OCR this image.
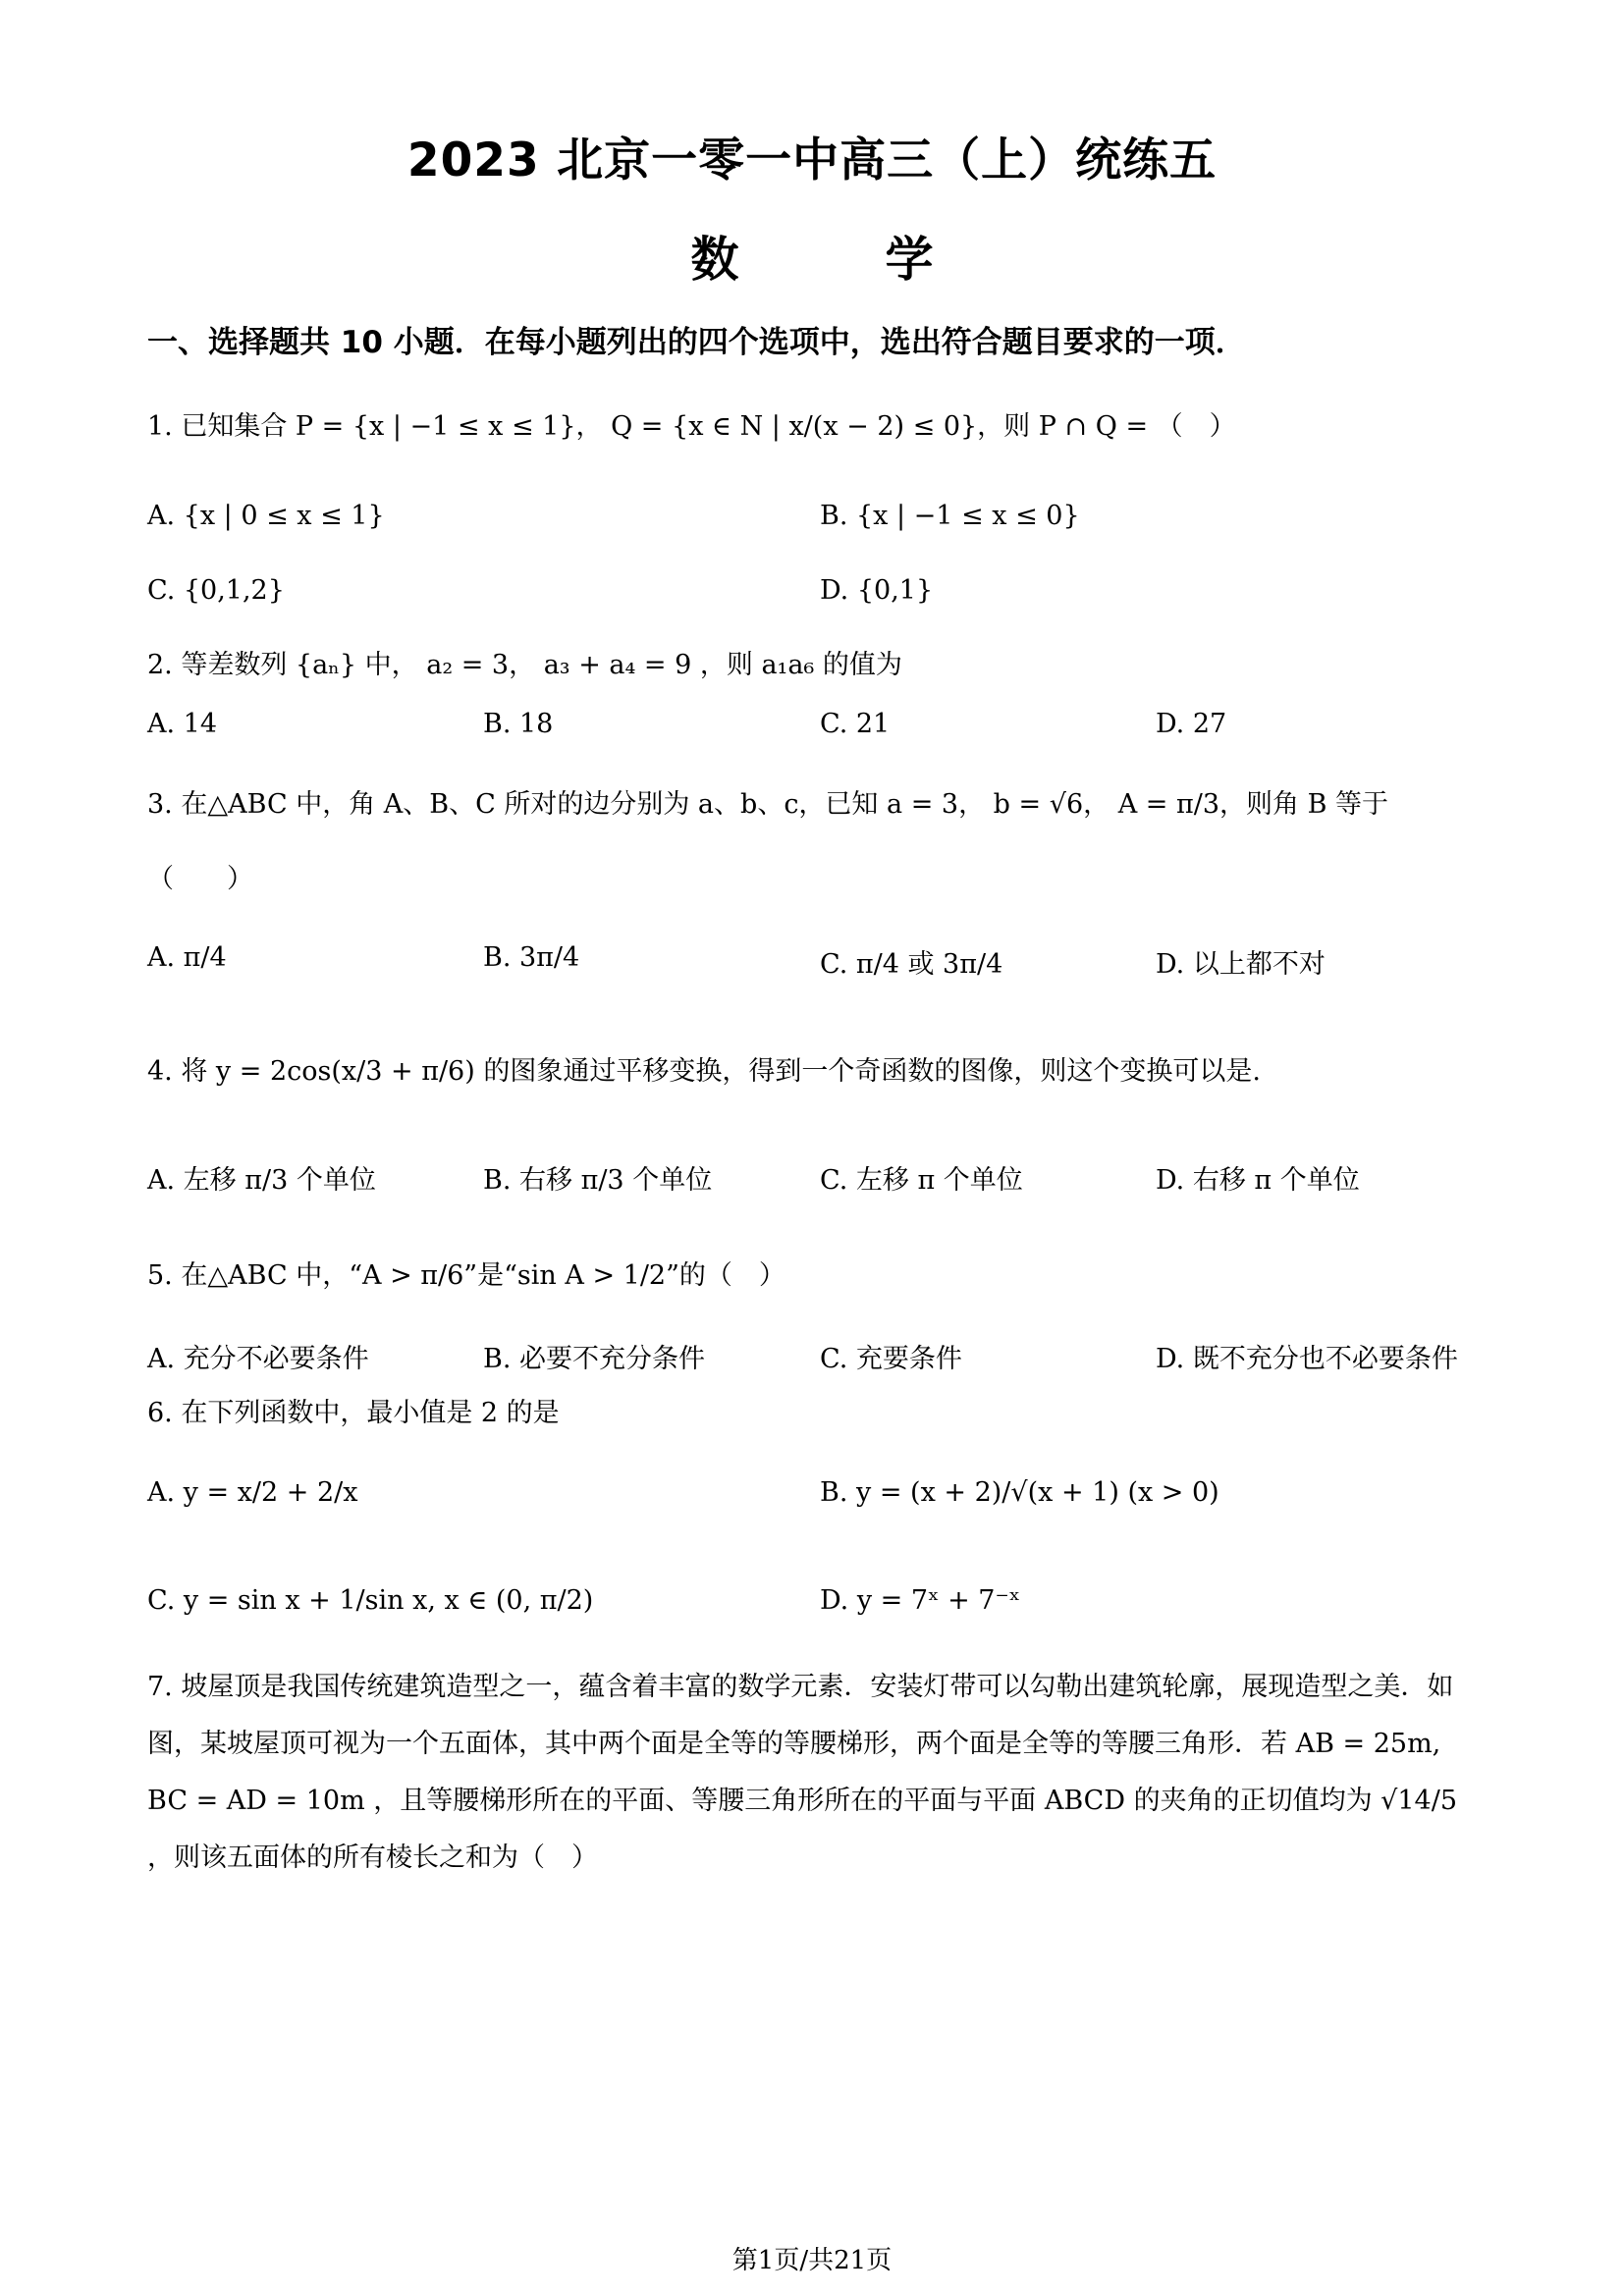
2023 北京一零一中高三（上）统练五
数　学
一、选择题共 10 小题．在每小题列出的四个选项中，选出符合题目要求的一项．
1. 已知集合 P = {x | −1 ≤ x ≤ 1}， Q = {x ∈ N | x/(x − 2) ≤ 0}，则 P ∩ Q = （　）
A. {x | 0 ≤ x ≤ 1}	B. {x | −1 ≤ x ≤ 0}
C. {0,1,2}	D. {0,1}
2. 等差数列 {aₙ} 中， a₂ = 3， a₃ + a₄ = 9 ，则 a₁a₆ 的值为
A. 14	B. 18	C. 21	D. 27
3. 在△ABC 中，角 A、B、C 所对的边分别为 a、b、c，已知 a = 3， b = √6， A = π/3，则角 B 等于
（　　）
A. π/4	B. 3π/4	C. π/4 或 3π/4	D. 以上都不对
4. 将 y = 2cos(x/3 + π/6) 的图象通过平移变换，得到一个奇函数的图像，则这个变换可以是.
A. 左移 π/3 个单位	B. 右移 π/3 个单位	C. 左移 π 个单位	D. 右移 π 个单位
5. 在△ABC 中，“A > π/6”是“sin A > 1/2”的（　）
A. 充分不必要条件	B. 必要不充分条件	C. 充要条件	D. 既不充分也不必要条件
6. 在下列函数中，最小值是 2 的是
A. y = x/2 + 2/x	B. y = (x + 2)/√(x + 1) (x > 0)
C. y = sin x + 1/sin x, x ∈ (0, π/2)	D. y = 7ˣ + 7⁻ˣ
7. 坡屋顶是我国传统建筑造型之一，蕴含着丰富的数学元素．安装灯带可以勾勒出建筑轮廓，展现造型之美．如图，某坡屋顶可视为一个五面体，其中两个面是全等的等腰梯形，两个面是全等的等腰三角形．若 AB = 25m, BC = AD = 10m ，且等腰梯形所在的平面、等腰三角形所在的平面与平面 ABCD 的夹角的正切值均为 √14/5 ，则该五面体的所有棱长之和为（　）
第1页/共21页
